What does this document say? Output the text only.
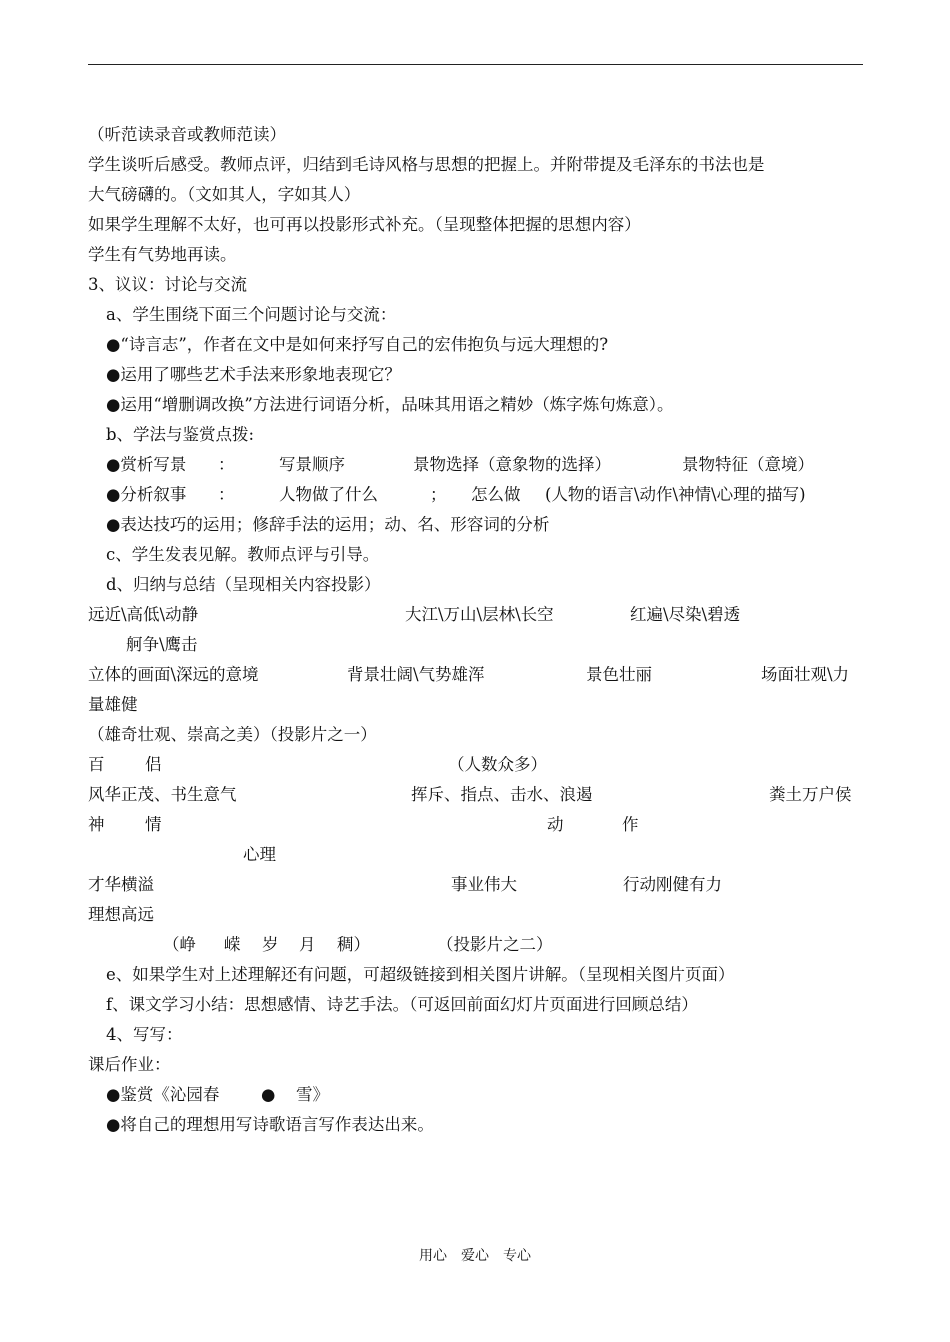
（听范读录音或教师范读）
学生谈听后感受。教师点评，归结到毛诗风格与思想的把握上。并附带提及毛泽东的书法也是
大气磅礴的。（文如其人，字如其人）
如果学生理解不太好，也可再以投影形式补充。（呈现整体把握的思想内容）
学生有气势地再读。
3、议议：讨论与交流
a、学生围绕下面三个问题讨论与交流：
●“诗言志”，作者在文中是如何来抒写自己的宏伟抱负与远大理想的?
●运用了哪些艺术手法来形象地表现它？
●运用“增删调改换”方法进行词语分析，品味其用语之精妙（炼字炼句炼意）。
b、学法与鉴赏点拨:
●赏析写景 ：	写景顺序	景物选择（意象物的选择）	景物特征（意境）
●分析叙事 ：	人物做了什么	； 怎么做 (人物的语言\动作\神情\心理的描写)
●表达技巧的运用；修辞手法的运用；动、名、形容词的分析
c、学生发表见解。教师点评与引导。
d、归纳与总结（呈现相关内容投影）
远近\高低\动静	大江\万山\层林\长空	红遍\尽染\碧透
舸争\鹰击
立体的画面\深远的意境	背景壮阔\气势雄浑	景色壮丽	场面壮观\力
量雄健
（雄奇壮观、崇高之美）（投影片之一）
百 侣	（人数众多）
风华正茂、书生意气	挥斥、指点、击水、浪遏	粪土万户侯
神 情	动	作
心理
才华横溢	事业伟大	行动刚健有力
理想高远
（峥 嵘 岁 月 稠）	（投影片之二）
e、如果学生对上述理解还有问题，可超级链接到相关图片讲解。（呈现相关图片页面）
f、课文学习小结：思想感情、诗艺手法。（可返回前面幻灯片页面进行回顾总结）
4、写写：
课后作业：
●鉴赏《沁园春	● 雪》
●将自己的理想用写诗歌语言写作表达出来。
用心　爱心　专心
